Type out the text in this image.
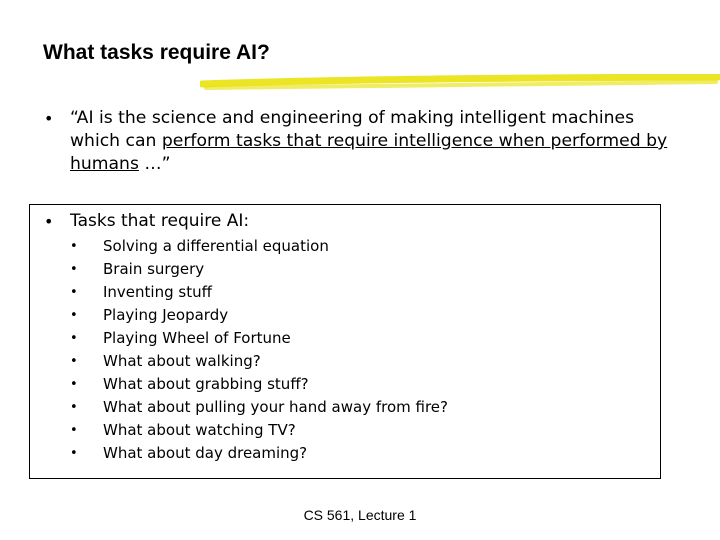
What tasks require AI?
• “AI is the science and engineering of making intelligent machines which can perform tasks that require intelligence when performed by humans …”
• Tasks that require AI:
• Solving a differential equation
• Brain surgery
• Inventing stuff
• Playing Jeopardy
• Playing Wheel of Fortune
• What about walking?
• What about grabbing stuff?
• What about pulling your hand away from fire?
• What about watching TV?
• What about day dreaming?
CS 561, Lecture 1
